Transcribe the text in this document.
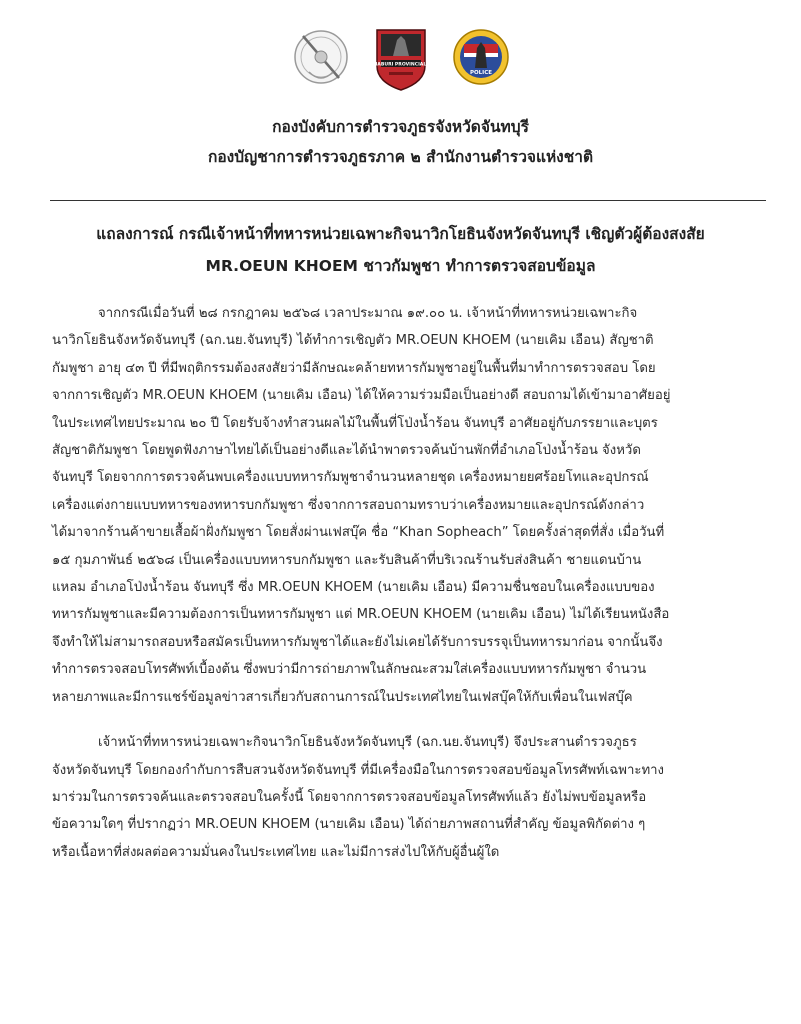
CHANTHABURI PROVINCIAL POLICE
POLICE
กองบังคับการตำรวจภูธรจังหวัดจันทบุรี
กองบัญชาการตำรวจภูธรภาค ๒ สำนักงานตำรวจแห่งชาติ
แถลงการณ์ กรณีเจ้าหน้าที่ทหารหน่วยเฉพาะกิจนาวิกโยธินจังหวัดจันทบุรี เชิญตัวผู้ต้องสงสัย
MR.OEUN KHOEM ชาวกัมพูชา ทำการตรวจสอบข้อมูล
จากกรณีเมื่อวันที่ ๒๘ กรกฎาคม ๒๕๖๘ เวลาประมาณ ๑๙.๐๐ น. เจ้าหน้าที่ทหารหน่วยเฉพาะกิจ
นาวิกโยธินจังหวัดจันทบุรี (ฉก.นย.จันทบุรี) ได้ทำการเชิญตัว MR.OEUN KHOEM (นายเคิม เอือน) สัญชาติ
กัมพูชา อายุ ๔๓ ปี ที่มีพฤติกรรมต้องสงสัยว่ามีลักษณะคล้ายทหารกัมพูชาอยู่ในพื้นที่มาทำการตรวจสอบ โดย
จากการเชิญตัว MR.OEUN KHOEM (นายเคิม เอือน) ได้ให้ความร่วมมือเป็นอย่างดี สอบถามได้เข้ามาอาศัยอยู่
ในประเทศไทยประมาณ ๒๐ ปี โดยรับจ้างทำสวนผลไม้ในพื้นที่โป่งน้ำร้อน จันทบุรี อาศัยอยู่กับภรรยาและบุตร
สัญชาติกัมพูชา โดยพูดฟังภาษาไทยได้เป็นอย่างดีและได้นำพาตรวจค้นบ้านพักที่อำเภอโป่งน้ำร้อน จังหวัด
จันทบุรี โดยจากการตรวจค้นพบเครื่องแบบทหารกัมพูชาจำนวนหลายชุด เครื่องหมายยศร้อยโทและอุปกรณ์
เครื่องแต่งกายแบบทหารของทหารบกกัมพูชา ซึ่งจากการสอบถามทราบว่าเครื่องหมายและอุปกรณ์ดังกล่าว
ได้มาจากร้านค้าขายเสื้อผ้าฝั่งกัมพูชา โดยสั่งผ่านเฟสบุ๊ค ชื่อ “Khan Sopheach” โดยครั้งล่าสุดที่สั่ง เมื่อวันที่
๑๕ กุมภาพันธ์ ๒๕๖๘ เป็นเครื่องแบบทหารบกกัมพูชา และรับสินค้าที่บริเวณร้านรับส่งสินค้า ชายแดนบ้าน
แหลม อำเภอโป่งน้ำร้อน จันทบุรี ซึ่ง MR.OEUN KHOEM (นายเคิม เอือน) มีความชื่นชอบในเครื่องแบบของ
ทหารกัมพูชาและมีความต้องการเป็นทหารกัมพูชา แต่ MR.OEUN KHOEM (นายเคิม เอือน) ไม่ได้เรียนหนังสือ
จึงทำให้ไม่สามารถสอบหรือสมัครเป็นทหารกัมพูชาได้และยังไม่เคยได้รับการบรรจุเป็นทหารมาก่อน จากนั้นจึง
ทำการตรวจสอบโทรศัพท์เบื้องต้น ซึ่งพบว่ามีการถ่ายภาพในลักษณะสวมใส่เครื่องแบบทหารกัมพูชา จำนวน
หลายภาพและมีการแชร์ข้อมูลข่าวสารเกี่ยวกับสถานการณ์ในประเทศไทยในเฟสบุ๊คให้กับเพื่อนในเฟสบุ๊ค
เจ้าหน้าที่ทหารหน่วยเฉพาะกิจนาวิกโยธินจังหวัดจันทบุรี (ฉก.นย.จันทบุรี) จึงประสานตำรวจภูธร
จังหวัดจันทบุรี โดยกองกำกับการสืบสวนจังหวัดจันทบุรี ที่มีเครื่องมือในการตรวจสอบข้อมูลโทรศัพท์เฉพาะทาง
มาร่วมในการตรวจค้นและตรวจสอบในครั้งนี้ โดยจากการตรวจสอบข้อมูลโทรศัพท์แล้ว ยังไม่พบข้อมูลหรือ
ข้อความใดๆ ที่ปรากฏว่า MR.OEUN KHOEM (นายเคิม เอือน) ได้ถ่ายภาพสถานที่สำคัญ ข้อมูลพิกัดต่าง ๆ
หรือเนื้อหาที่ส่งผลต่อความมั่นคงในประเทศไทย และไม่มีการส่งไปให้กับผู้อื่นผู้ใด
